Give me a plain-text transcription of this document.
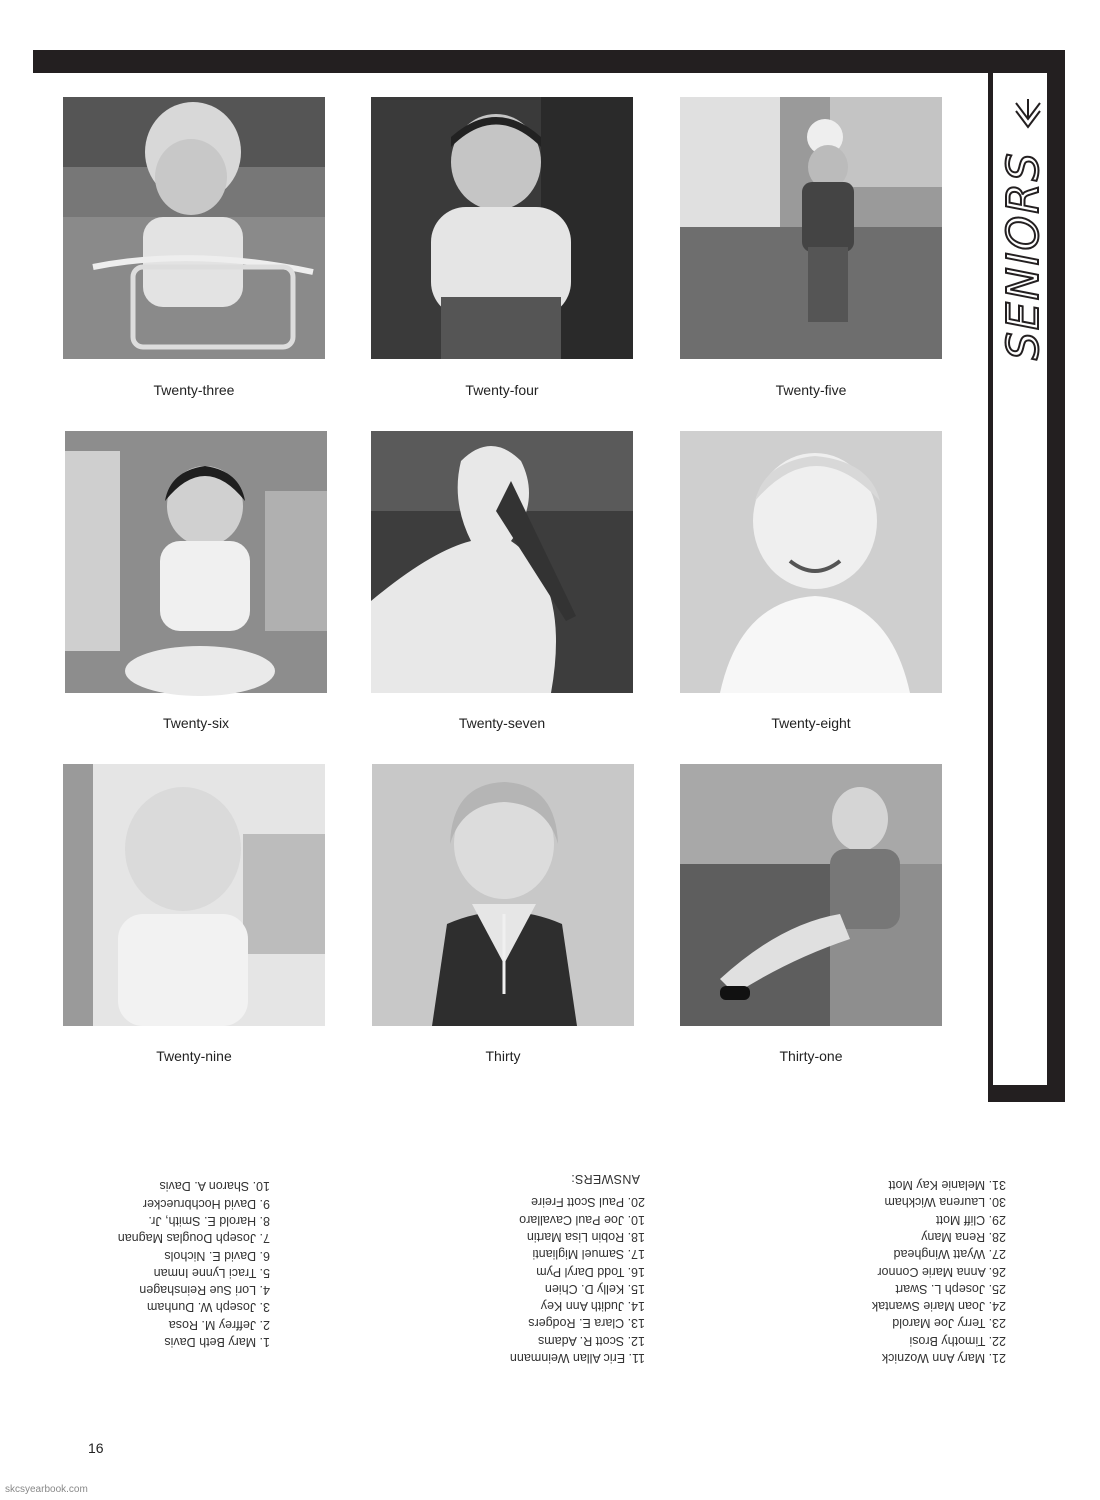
SENIORS
Twenty-three	Twenty-four	Twenty-five
Twenty-six	Twenty-seven	Twenty-eight
Twenty-nine	Thirty	Thirty-one
1. Mary Beth Davis
2. Jeffrey M. Rosa
3. Joseph W. Dunham
4. Lori Sue Reinshagen
5. Traci Lynne Inman
6. David E. Nichols
7. Joseph Douglas Magnan
8. Harold E. Smith, Jr.
9. David Hochbruecker
10. Sharon A. Davis
ANSWERS:
11. Eric Allan Weinmann
12. Scott R. Adams
13. Clara E. Rodgers
14. Judith Ann Key
15. Kelly D. Chien
16. Todd Daryl Pym
17. Samuel Miglianti
18. Robin Lisa Martin
10. Joe Paul Cavallaro
20. Paul Scott Freire
21. Mary Ann Woznick
22. Timothy Brosi
23. Terry Joe Marold
24. Joan Marie Swantak
25. Joseph L. Swart
26. Anna Marie Connor
27. Wyatt Winghead
28. Rena Many
29. Cliff Mott
30. Laurena Wickham
31. Melanie Kay Mott
16
skcsyearbook.com
